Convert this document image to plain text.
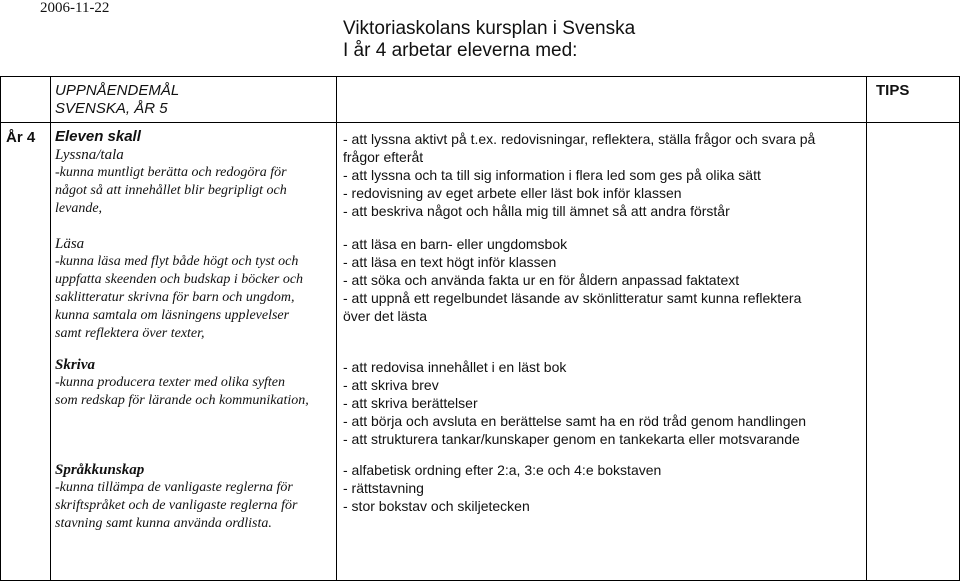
2006-11-22
Viktoriaskolans kursplan i Svenska
I år 4 arbetar eleverna med:
UPPNÅENDEMÅL
SVENSKA, ÅR 5
TIPS
År 4 Eleven skall
Lyssna/tala
-kunna muntligt berätta och redogöra för
något så att innehållet blir begripligt och
levande,
Läsa
-kunna läsa med flyt både högt och tyst och
uppfatta skeenden och budskap i böcker och
saklitteratur skrivna för barn och ungdom,
kunna samtala om läsningens upplevelser
samt reflektera över texter,
Skriva
-kunna producera texter med olika syften
som redskap för lärande och kommunikation,
Språkkunskap
-kunna tillämpa de vanligaste reglerna för
skriftspråket och de vanligaste reglerna för
stavning samt kunna använda ordlista.
- att lyssna aktivt på t.ex. redovisningar, reflektera, ställa frågor och svara på
frågor efteråt
- att lyssna och ta till sig information i flera led som ges på olika sätt
- redovisning av eget arbete eller läst bok inför klassen
- att beskriva något och hålla mig till ämnet så att andra förstår
- att läsa en barn- eller ungdomsbok
- att läsa en text högt inför klassen
- att söka och använda fakta ur en för åldern anpassad faktatext
- att uppnå ett regelbundet läsande av skönlitteratur samt kunna reflektera
över det lästa
- att redovisa innehållet i en läst bok
- att skriva brev
- att skriva berättelser
- att börja och avsluta en berättelse samt ha en röd tråd genom handlingen
- att strukturera tankar/kunskaper genom en tankekarta eller motsvarande
- alfabetisk ordning efter 2:a, 3:e och 4:e bokstaven
- rättstavning
- stor bokstav och skiljetecken
